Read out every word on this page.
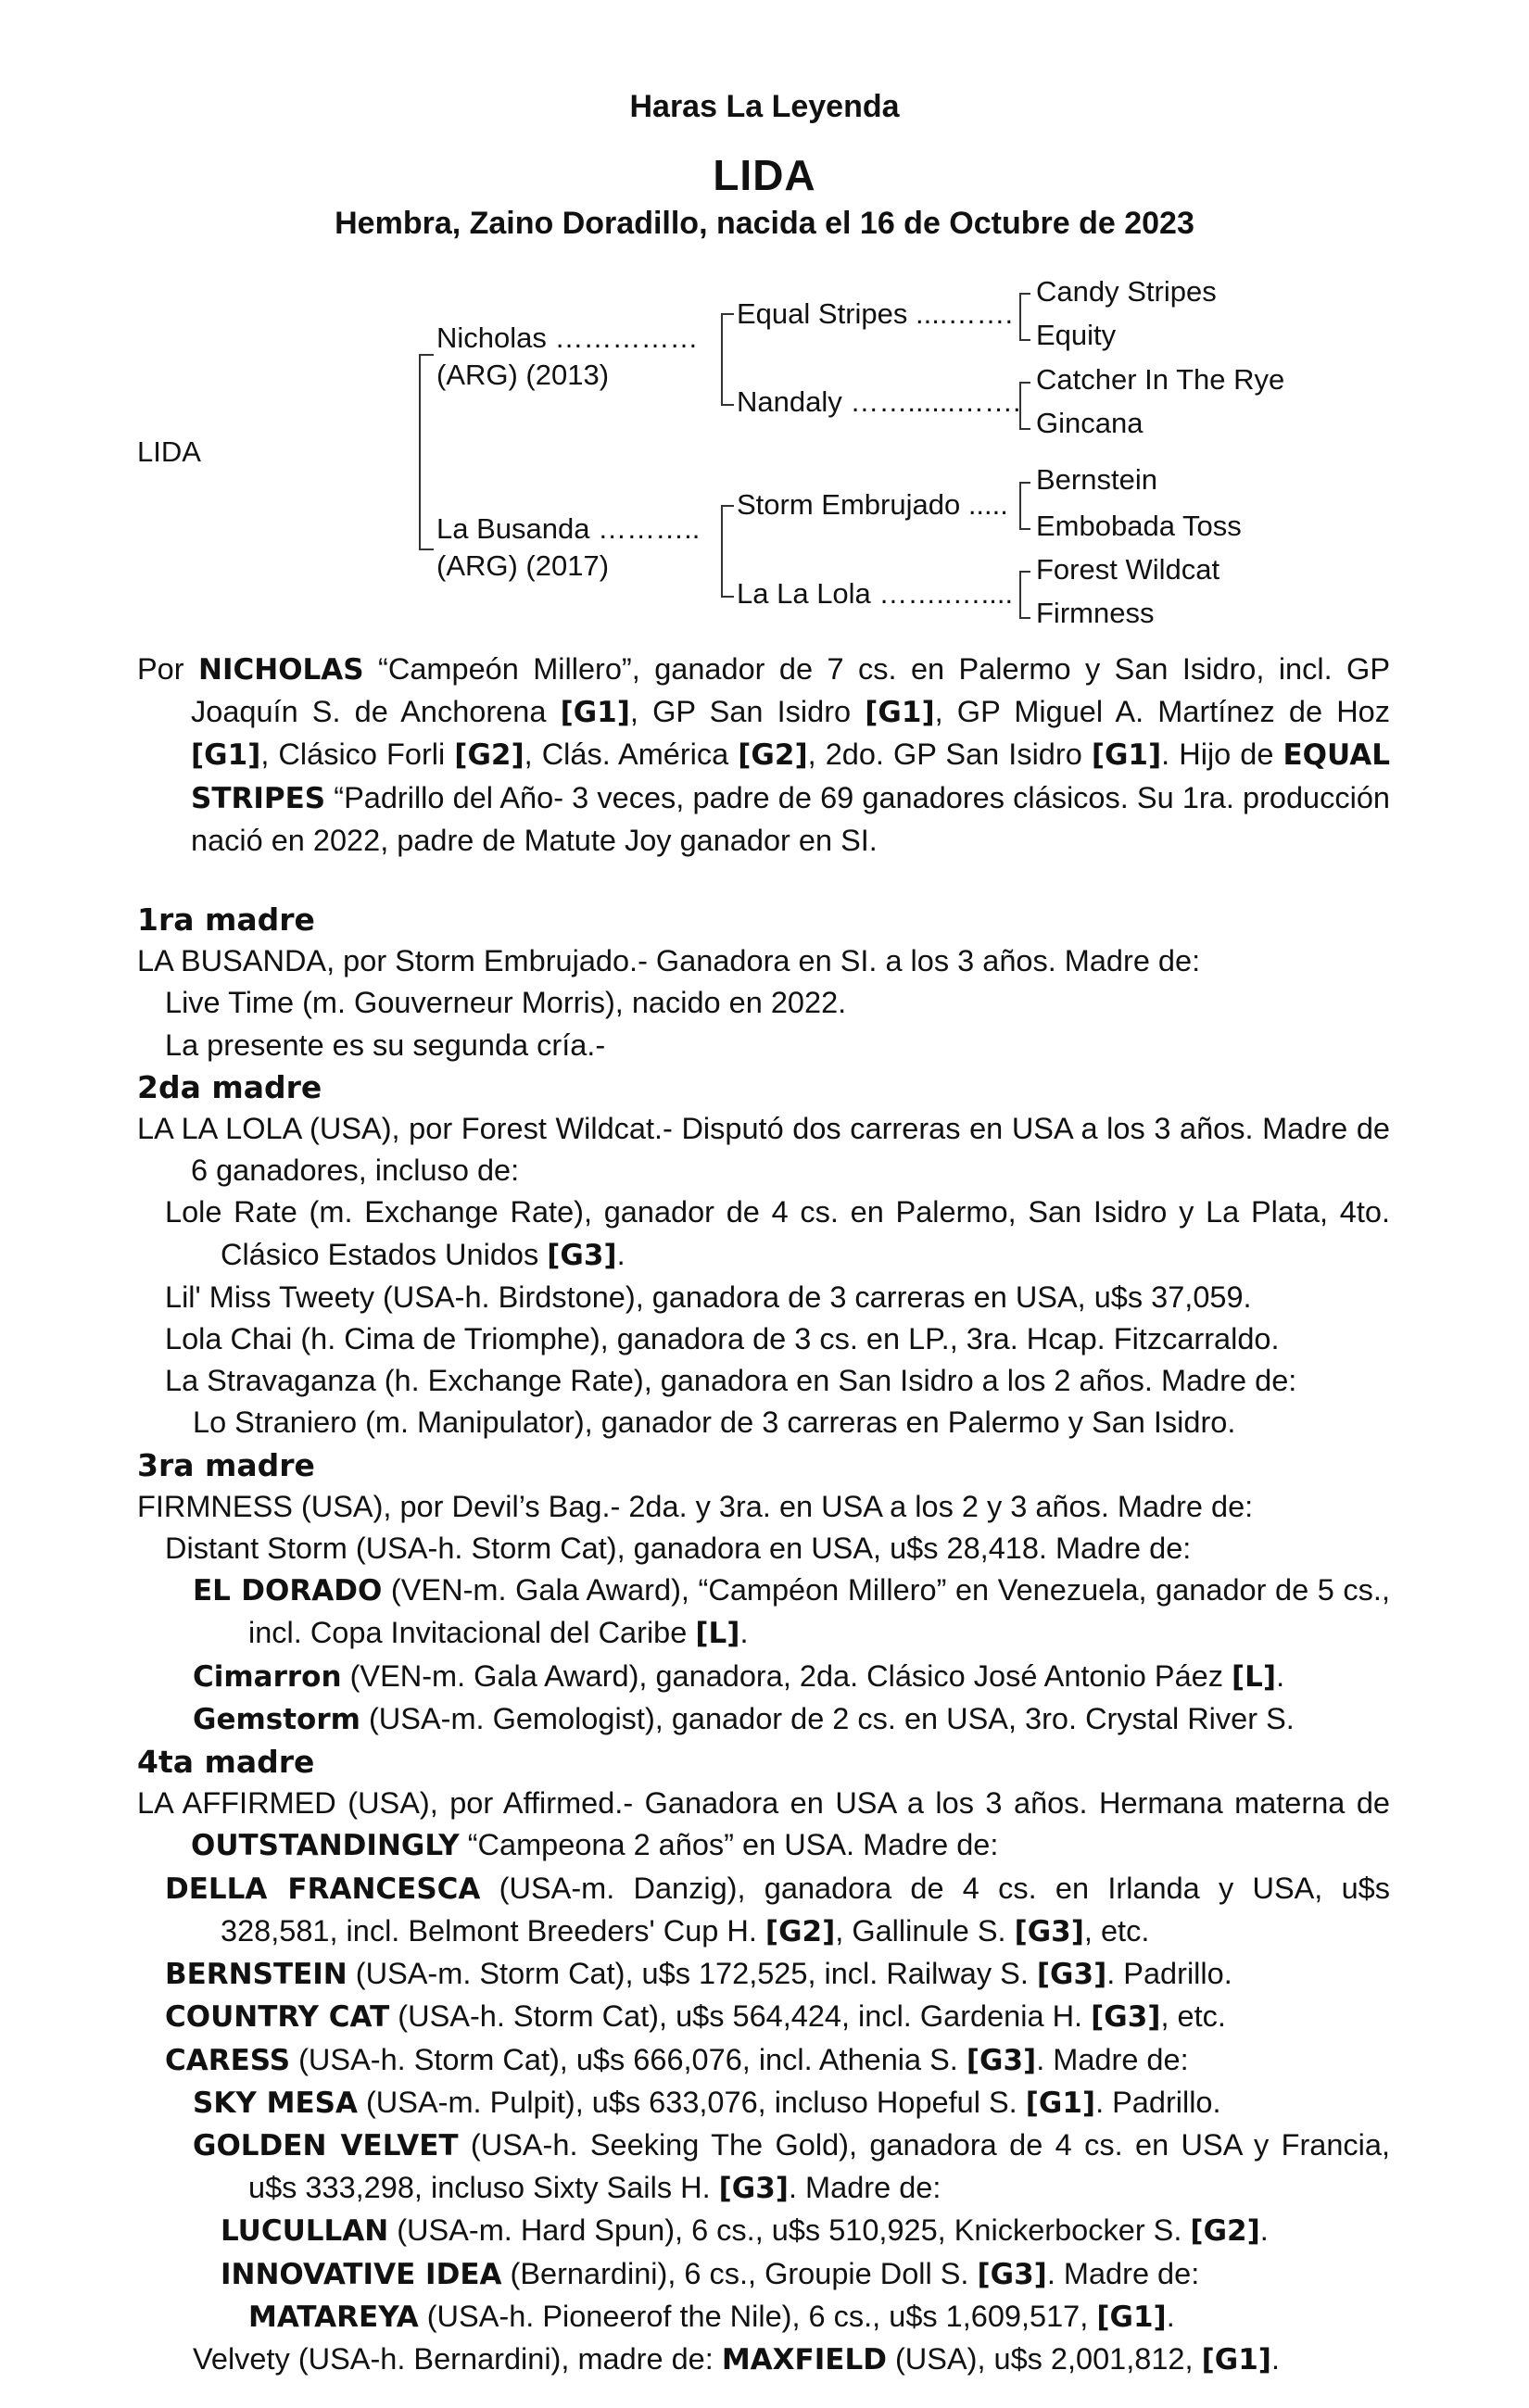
Haras La Leyenda
LIDA
Hembra, Zaino Doradillo, nacida el 16 de Octubre de 2023
LIDA
Nicholas ……………
(ARG) (2013)
La Busanda ………..
(ARG) (2017)
Equal Stripes ....…….
Nandaly ……......…….
Storm Embrujado .....
La La Lola ……..…....
Candy Stripes
Equity
Catcher In The Rye
Gincana
Bernstein
Embobada Toss
Forest Wildcat
Firmness

Por NICHOLAS “Campeón Millero”, ganador de 7 cs. en Palermo y San Isidro, incl. GP Joaquín S. de Anchorena [G1], GP San Isidro [G1], GP Miguel A. Martínez de Hoz [G1], Clásico Forli [G2], Clás. América [G2], 2do. GP San Isidro [G1]. Hijo de EQUAL STRIPES “Padrillo del Año- 3 veces, padre de 69 ganadores clásicos. Su 1ra. producción nació en 2022, padre de Matute Joy ganador en SI.

1ra madre

LA BUSANDA, por Storm Embrujado.- Ganadora en SI. a los 3 años. Madre de:

Live Time (m. Gouverneur Morris), nacido en 2022.

La presente es su segunda cría.-

2da madre

LA LA LOLA (USA), por Forest Wildcat.- Disputó dos carreras en USA a los 3 años. Madre de 6 ganadores, incluso de:

Lole Rate (m. Exchange Rate), ganador de 4 cs. en Palermo, San Isidro y La Plata, 4to. Clásico Estados Unidos [G3].

Lil' Miss Tweety (USA-h. Birdstone), ganadora de 3 carreras en USA, u$s 37,059.

Lola Chai (h. Cima de Triomphe), ganadora de 3 cs. en LP., 3ra. Hcap. Fitzcarraldo.

La Stravaganza (h. Exchange Rate), ganadora en San Isidro a los 2 años. Madre de:

Lo Straniero (m. Manipulator), ganador de 3 carreras en Palermo y San Isidro.

3ra madre

FIRMNESS (USA), por Devil’s Bag.- 2da. y 3ra. en USA a los 2 y 3 años. Madre de:

Distant Storm (USA-h. Storm Cat), ganadora en USA, u$s 28,418. Madre de:

EL DORADO (VEN-m. Gala Award), “Campéon Millero” en Venezuela, ganador de 5 cs., incl. Copa Invitacional del Caribe [L].

Cimarron (VEN-m. Gala Award), ganadora, 2da. Clásico José Antonio Páez [L].

Gemstorm (USA-m. Gemologist), ganador de 2 cs. en USA, 3ro. Crystal River S.

4ta madre

LA AFFIRMED (USA), por Affirmed.- Ganadora en USA a los 3 años. Hermana materna de OUTSTANDINGLY “Campeona 2 años” en USA. Madre de:

DELLA FRANCESCA (USA-m. Danzig), ganadora de 4 cs. en Irlanda y USA, u$s 328,581, incl. Belmont Breeders' Cup H. [G2], Gallinule S. [G3], etc.

BERNSTEIN (USA-m. Storm Cat), u$s 172,525, incl. Railway S. [G3]. Padrillo.

COUNTRY CAT (USA-h. Storm Cat), u$s 564,424, incl. Gardenia H. [G3], etc.

CARESS (USA-h. Storm Cat), u$s 666,076, incl. Athenia S. [G3]. Madre de:

SKY MESA (USA-m. Pulpit), u$s 633,076, incluso Hopeful S. [G1]. Padrillo.

GOLDEN VELVET (USA-h. Seeking The Gold), ganadora de 4 cs. en USA y Francia, u$s 333,298, incluso Sixty Sails H. [G3]. Madre de:

LUCULLAN (USA-m. Hard Spun), 6 cs., u$s 510,925, Knickerbocker S. [G2].

INNOVATIVE IDEA (Bernardini), 6 cs., Groupie Doll S. [G3]. Madre de:

MATAREYA (USA-h. Pioneerof the Nile), 6 cs., u$s 1,609,517, [G1].

Velvety (USA-h. Bernardini), madre de: MAXFIELD (USA), u$s 2,001,812, [G1].
